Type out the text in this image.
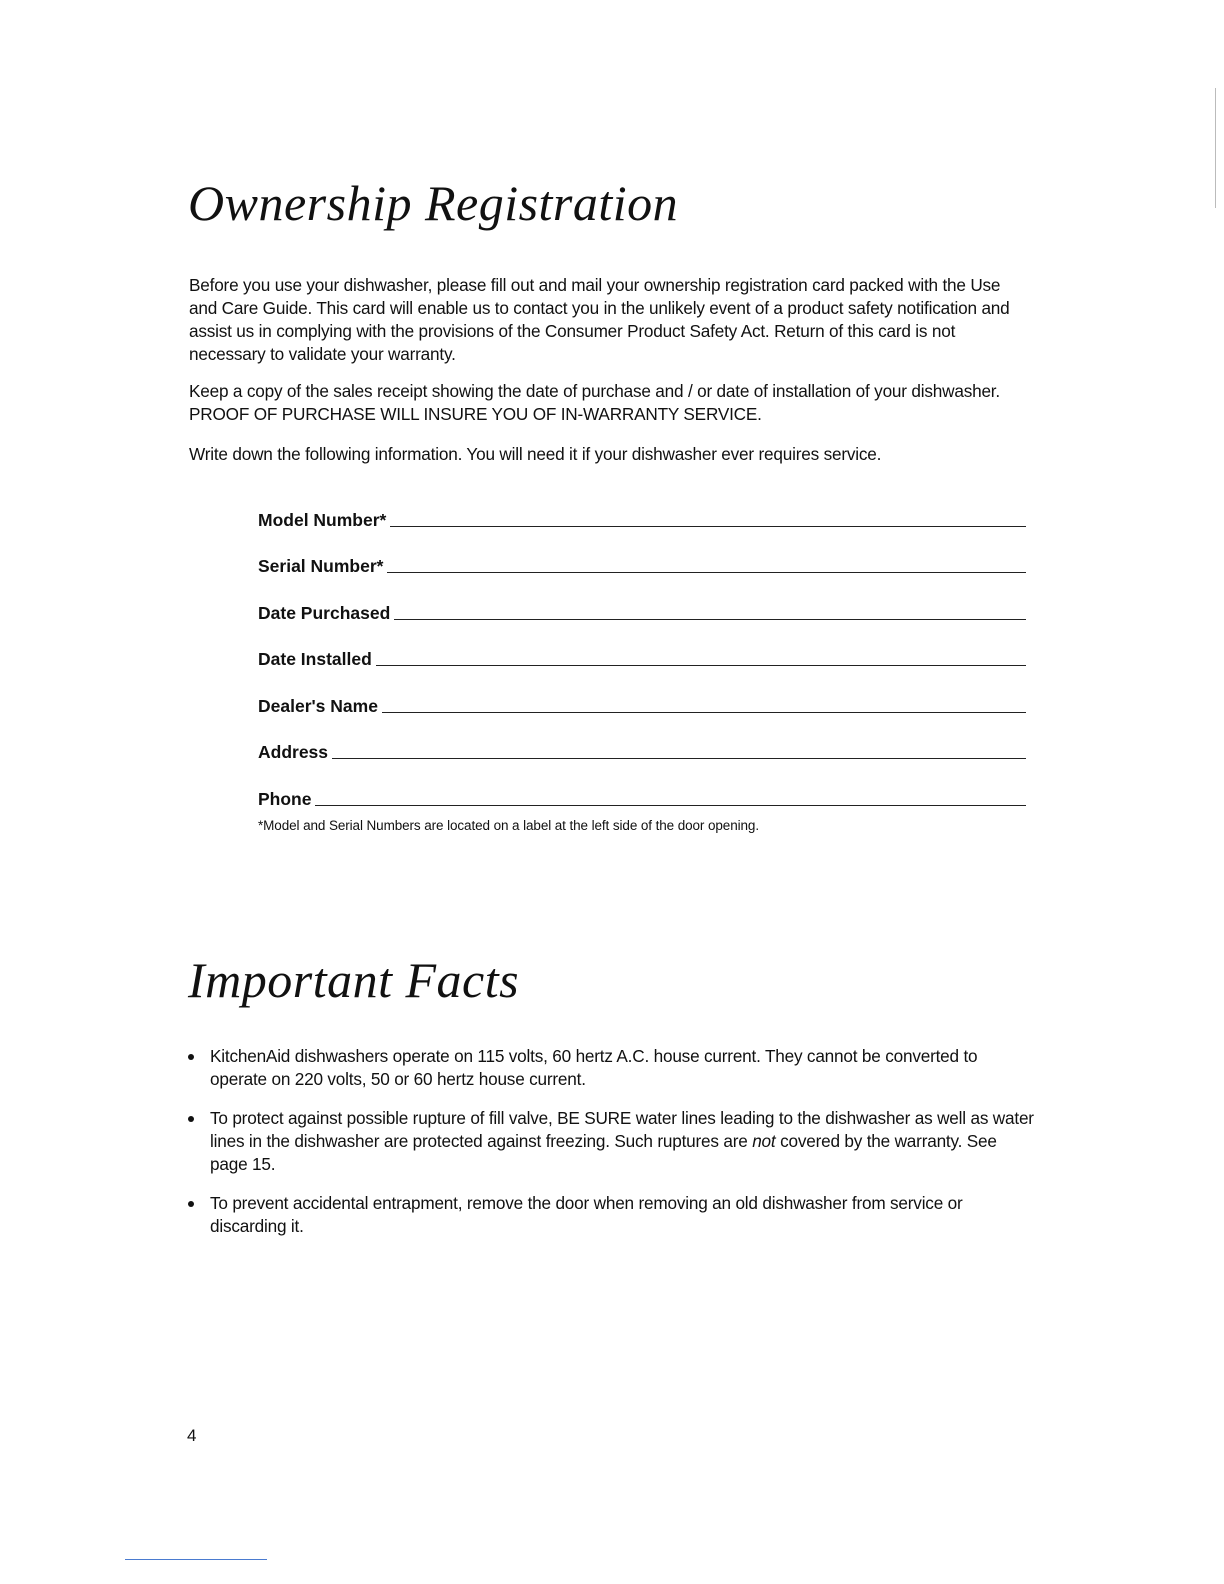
Ownership Registration

Before you use your dishwasher, please fill out and mail your ownership registration card packed with the Use and Care Guide. This card will enable us to contact you in the unlikely event of a product safety notification and assist us in complying with the provisions of the Consumer Product Safety Act. Return of this card is not necessary to validate your warranty.

Keep a copy of the sales receipt showing the date of purchase and / or date of installation of your dishwasher. PROOF OF PURCHASE WILL INSURE YOU OF IN-WARRANTY SERVICE.

Write down the following information. You will need it if your dishwasher ever requires service.

Model Number*
Serial Number*
Date Purchased
Date Installed
Dealer's Name
Address
Phone

*Model and Serial Numbers are located on a label at the left side of the door opening.

Important Facts
KitchenAid dishwashers operate on 115 volts, 60 hertz A.C. house current. They cannot be converted to operate on 220 volts, 50 or 60 hertz house current.
To protect against possible rupture of fill valve, BE SURE water lines leading to the dishwasher as well as water lines in the dishwasher are protected against freezing. Such ruptures are not covered by the warranty. See page 15.
To prevent accidental entrapment, remove the door when removing an old dishwasher from service or discarding it.

4
